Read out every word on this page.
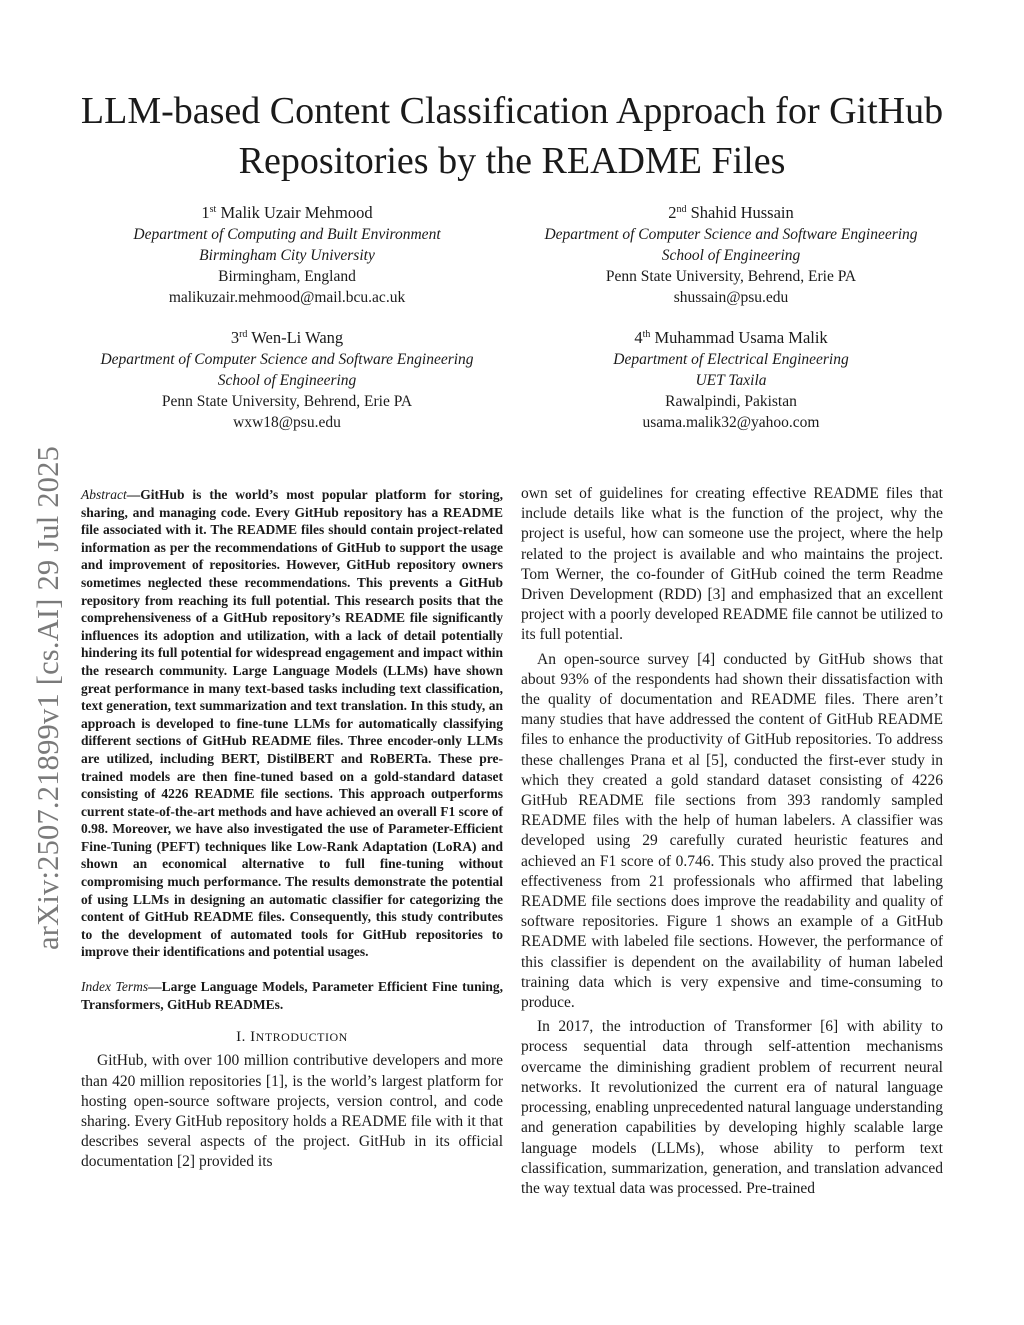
arXiv:2507.21899v1 [cs.AI] 29 Jul 2025
LLM-based Content Classification Approach for GitHub Repositories by the README Files
1st Malik Uzair Mehmood
Department of Computing and Built Environment
Birmingham City University
Birmingham, England
malikuzair.mehmood@mail.bcu.ac.uk
2nd Shahid Hussain
Department of Computer Science and Software Engineering
School of Engineering
Penn State University, Behrend, Erie PA
shussain@psu.edu
3rd Wen-Li Wang
Department of Computer Science and Software Engineering
School of Engineering
Penn State University, Behrend, Erie PA
wxw18@psu.edu
4th Muhammad Usama Malik
Department of Electrical Engineering
UET Taxila
Rawalpindi, Pakistan
usama.malik32@yahoo.com

Abstract—GitHub is the world’s most popular platform for storing, sharing, and managing code. Every GitHub repository has a README file associated with it. The README files should contain project-related information as per the recommendations of GitHub to support the usage and improvement of repositories. However, GitHub repository owners sometimes neglected these recommendations. This prevents a GitHub repository from reaching its full potential. This research posits that the comprehensiveness of a GitHub repository’s README file significantly influences its adoption and utilization, with a lack of detail potentially hindering its full potential for widespread engagement and impact within the research community. Large Language Models (LLMs) have shown great performance in many text-based tasks including text classification, text generation, text summarization and text translation. In this study, an approach is developed to fine-tune LLMs for automatically classifying different sections of GitHub README files. Three encoder-only LLMs are utilized, including BERT, DistilBERT and RoBERTa. These pre-trained models are then fine-tuned based on a gold-standard dataset consisting of 4226 README file sections. This approach outperforms current state-of-the-art methods and have achieved an overall F1 score of 0.98. Moreover, we have also investigated the use of Parameter-Efficient Fine-Tuning (PEFT) techniques like Low-Rank Adaptation (LoRA) and shown an economical alternative to full fine-tuning without compromising much performance. The results demonstrate the potential of using LLMs in designing an automatic classifier for categorizing the content of GitHub README files. Consequently, this study contributes to the development of automated tools for GitHub repositories to improve their identifications and potential usages.

Index Terms—Large Language Models, Parameter Efficient Fine tuning, Transformers, GitHub READMEs.

I. INTRODUCTION

GitHub, with over 100 million contributive developers and more than 420 million repositories [1], is the world’s largest platform for hosting open-source software projects, version control, and code sharing. Every GitHub repository holds a README file with it that describes several aspects of the project. GitHub in its official documentation [2] provided its

own set of guidelines for creating effective README files that include details like what is the function of the project, why the project is useful, how can someone use the project, where the help related to the project is available and who maintains the project. Tom Werner, the co-founder of GitHub coined the term Readme Driven Development (RDD) [3] and emphasized that an excellent project with a poorly developed README file cannot be utilized to its full potential.

An open-source survey [4] conducted by GitHub shows that about 93% of the respondents had shown their dissatisfaction with the quality of documentation and README files. There aren’t many studies that have addressed the content of GitHub README files to enhance the productivity of GitHub repositories. To address these challenges Prana et al [5], conducted the first-ever study in which they created a gold standard dataset consisting of 4226 GitHub README file sections from 393 randomly sampled README files with the help of human labelers. A classifier was developed using 29 carefully curated heuristic features and achieved an F1 score of 0.746. This study also proved the practical effectiveness from 21 professionals who affirmed that labeling README file sections does improve the readability and quality of software repositories. Figure 1 shows an example of a GitHub README with labeled file sections. However, the performance of this classifier is dependent on the availability of human labeled training data which is very expensive and time-consuming to produce.

In 2017, the introduction of Transformer [6] with ability to process sequential data through self-attention mechanisms overcame the diminishing gradient problem of recurrent neural networks. It revolutionized the current era of natural language processing, enabling unprecedented natural language understanding and generation capabilities by developing highly scalable large language models (LLMs), whose ability to perform text classification, summarization, generation, and translation advanced the way textual data was processed. Pre-trained
